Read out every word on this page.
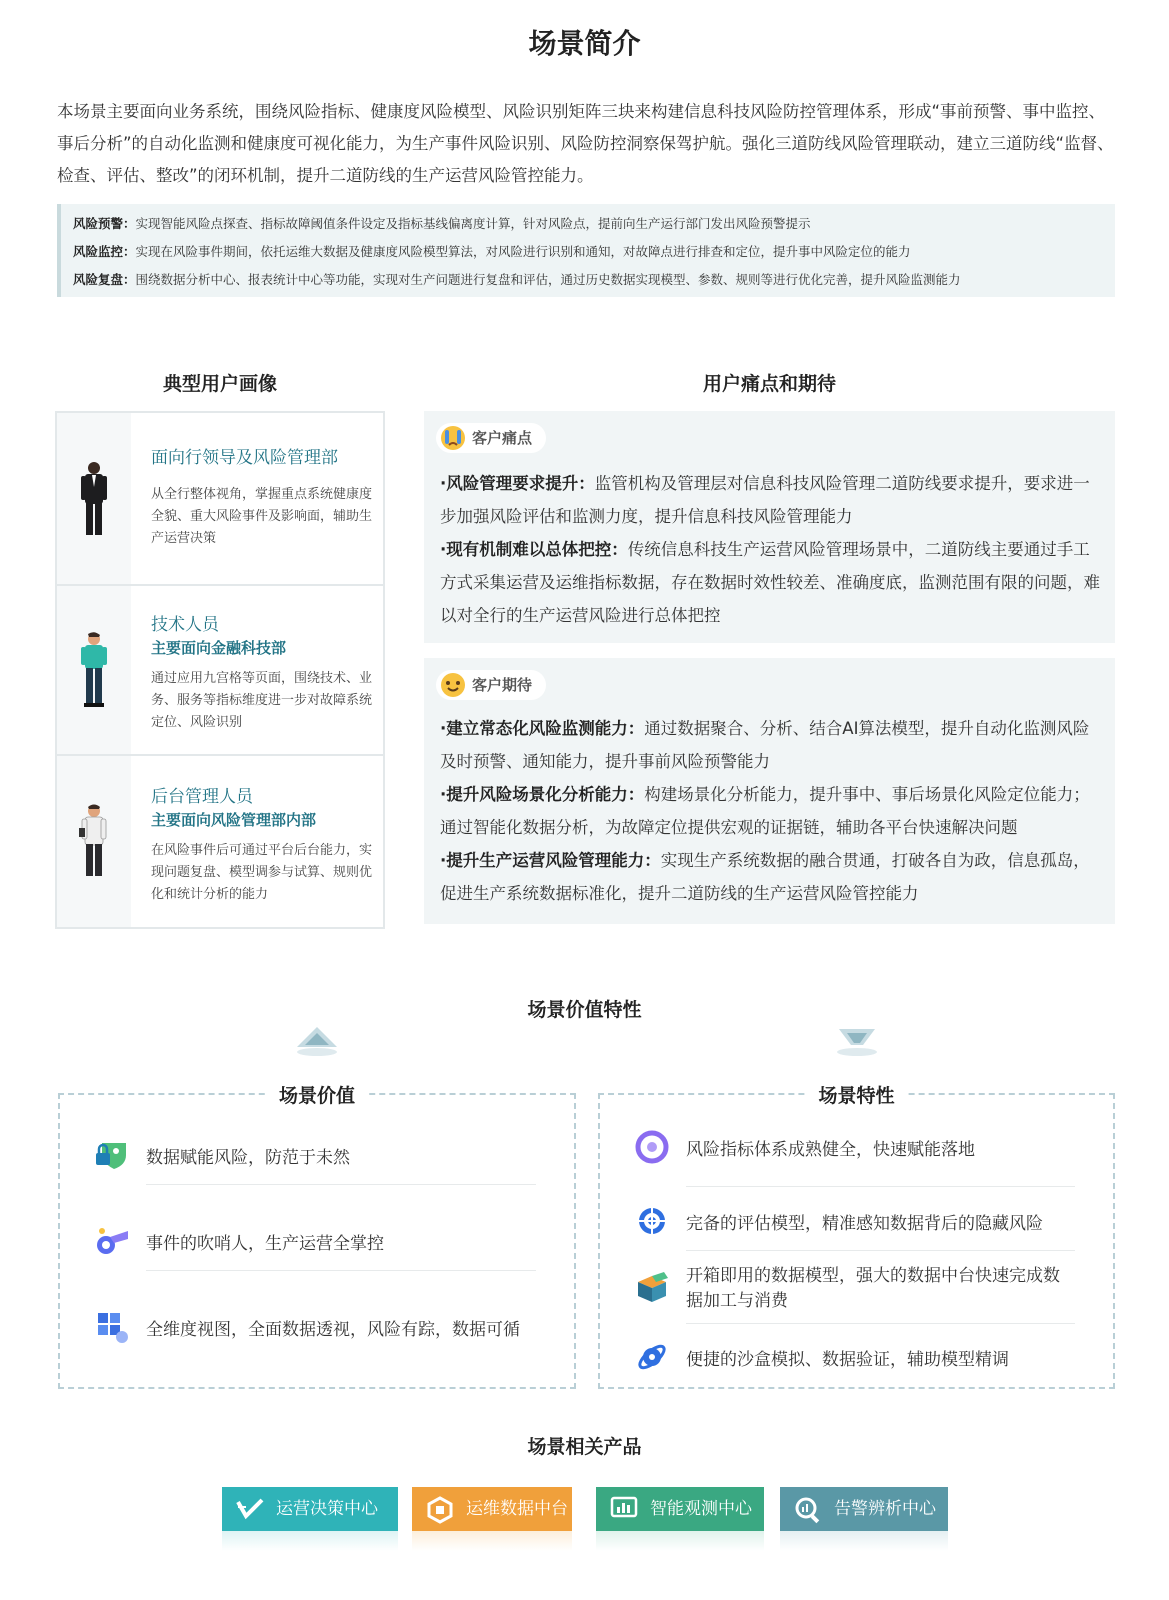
场景简介
本场景主要面向业务系统，围绕风险指标、健康度风险模型、风险识别矩阵三块来构建信息科技风险防控管理体系，形成“事前预警、事中监控、事后分析”的自动化监测和健康度可视化能力，为生产事件风险识别、风险防控洞察保驾护航。强化三道防线风险管理联动，建立三道防线“监督、检查、评估、整改”的闭环机制，提升二道防线的生产运营风险管控能力。
风险预警：实现智能风险点探查、指标故障阈值条件设定及指标基线偏离度计算，针对风险点，提前向生产运行部门发出风险预警提示
风险监控：实现在风险事件期间，依托运维大数据及健康度风险模型算法，对风险进行识别和通知，对故障点进行排查和定位，提升事中风险定位的能力
风险复盘：围绕数据分析中心、报表统计中心等功能，实现对生产问题进行复盘和评估，通过历史数据实现模型、参数、规则等进行优化完善，提升风险监测能力
典型用户画像	用户痛点和期待
面向行领导及风险管理部
从全行整体视角，掌握重点系统健康度全貌、重大风险事件及影响面，辅助生产运营决策
技术人员
主要面向金融科技部
通过应用九宫格等页面，围绕技术、业务、服务等指标维度进一步对故障系统定位、风险识别
后台管理人员
主要面向风险管理部内部
在风险事件后可通过平台后台能力，实现问题复盘、模型调参与试算、规则优化和统计分析的能力
客户痛点
·风险管理要求提升：监管机构及管理层对信息科技风险管理二道防线要求提升，要求进一步加强风险评估和监测力度，提升信息科技风险管理能力
·现有机制难以总体把控：传统信息科技生产运营风险管理场景中，二道防线主要通过手工方式采集运营及运维指标数据，存在数据时效性较差、准确度底，监测范围有限的问题，难以对全行的生产运营风险进行总体把控
客户期待
·建立常态化风险监测能力：通过数据聚合、分析、结合AI算法模型，提升自动化监测风险及时预警、通知能力，提升事前风险预警能力
·提升风险场景化分析能力：构建场景化分析能力，提升事中、事后场景化风险定位能力；通过智能化数据分析，为故障定位提供宏观的证据链，辅助各平台快速解决问题
·提升生产运营风险管理能力：实现生产系统数据的融合贯通，打破各自为政，信息孤岛，促进生产系统数据标准化，提升二道防线的生产运营风险管控能力
场景价值特性
场景价值
数据赋能风险，防范于未然
事件的吹哨人，生产运营全掌控
全维度视图，全面数据透视，风险有踪，数据可循
场景特性
风险指标体系成熟健全，快速赋能落地
完备的评估模型，精准感知数据背后的隐藏风险
开箱即用的数据模型，强大的数据中台快速完成数据加工与消费
便捷的沙盒模拟、数据验证，辅助模型精调
场景相关产品
运营决策中心	运维数据中台	智能观测中心	告警辨析中心
